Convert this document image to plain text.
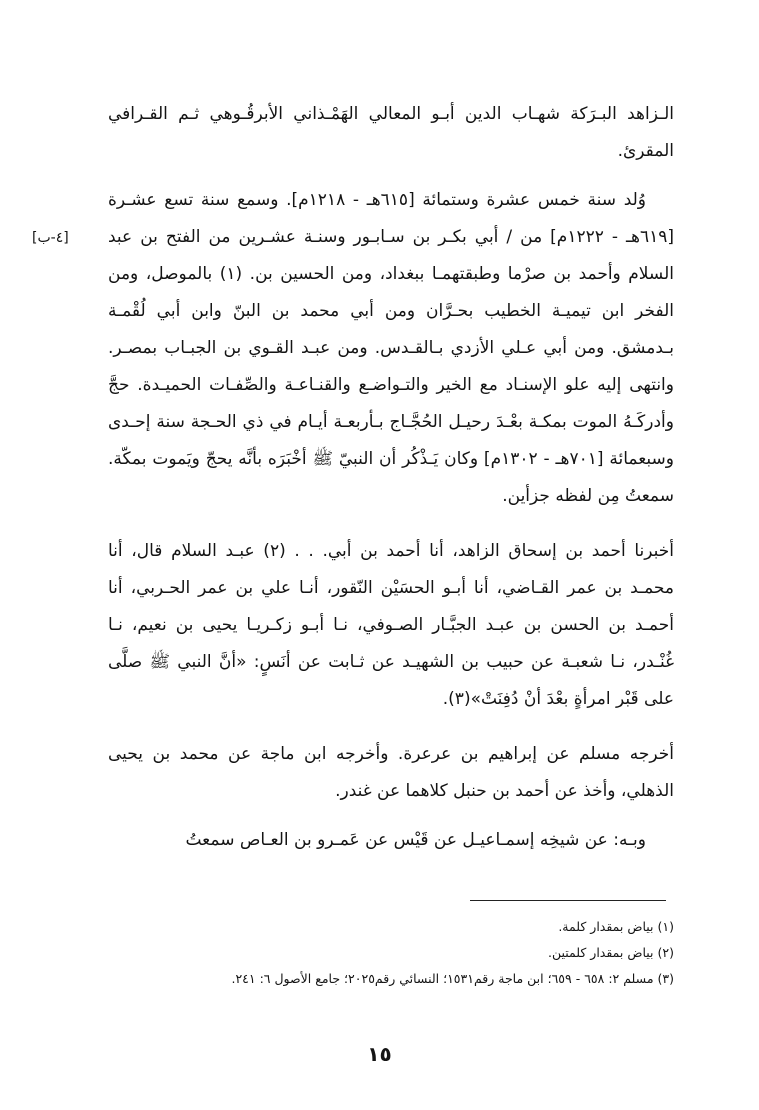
الـزاهد البـرَكة شهـاب الدين أبـو المعالي الهَمْـذاني الأبرقُـوهي ثـم القـرافي المقرئ.

وُلد سنة خمس عشرة وستمائة [٦١٥هـ - ١٢١٨م]. وسمع سنة تسع عشـرة [٦١٩هـ - ١٢٢٢م] من / أبي بكـر بن سـابـور وسنـة عشـرين من الفتح بن عبد السلام وأحمد بن صرْما وطبقتهمـا ببغداد، ومن الحسين بن. (١) بالموصل، ومن الفخر ابن تيميـة الخطيب بحـرَّان ومن أبي محمد بن البنّ وابن أبي لُقْمـة بـدمشق. ومن أبي عـلي الأزدي بـالقـدس. ومن عبـد القـوي بن الجبـاب بمصـر. وانتهى إليه علو الإسنـاد مع الخير والتـواضـع والقنـاعـة والصِّفـات الحميـدة. حجَّ وأدركَـهُ الموت بمكـة بعْـدَ رحيـل الحُجَّـاج بـأربعـة أيـام في ذي الحـجة سنة إحـدى وسبعمائة [٧٠١هـ - ١٣٠٢م] وكان يَـذْكُر أن النبيّ ﷺ أخْبَرَه بأنَّه يحجّ ويَموت بمكّة. سمعتُ مِن لفظه جزأين.

أخبرنا أحمد بن إسحاق الزاهد، أنا أحمد بن أبي. . . (٢) عبـد السلام قال، أنا محمـد بن عمر القـاضي، أنا أبـو الحسَيْن النّقور، أنـا علي بن عمر الحـربي، أنا أحمـد بن الحسن بن عبـد الجبَّـار الصـوفي، نـا أبـو زكـريـا يحيى بن نعيم، نـا غُنْـدر، نـا شعبـة عن حبيب بن الشهيـد عن ثـابت عن أنَسٍ: «أنَّ النبي ﷺ صلَّى على قَبْر امرأةٍ بعْدَ أنْ دُفِنَتْ»(٣).

أخرجه مسلم عن إبراهيم بن عرعرة. وأخرجه ابن ماجة عن محمد بن يحيى الذهلي، وأخذ عن أحمد بن حنبل كلاهما عن غندر.

وبـه: عن شيخِه إسمـاعيـل عن قَيْس عن عَمـرو بن العـاص سمعتُ

[٤-ب]

(١) بياض بمقدار كلمة.

(٢) بياض بمقدار كلمتين.

(٣) مسلم ٢: ٦٥٨ - ٦٥٩؛ ابن ماجة رقم١٥٣١؛ النسائي رقم٢٠٢٥؛ جامع الأصول ٦: ٢٤١.

١٥
